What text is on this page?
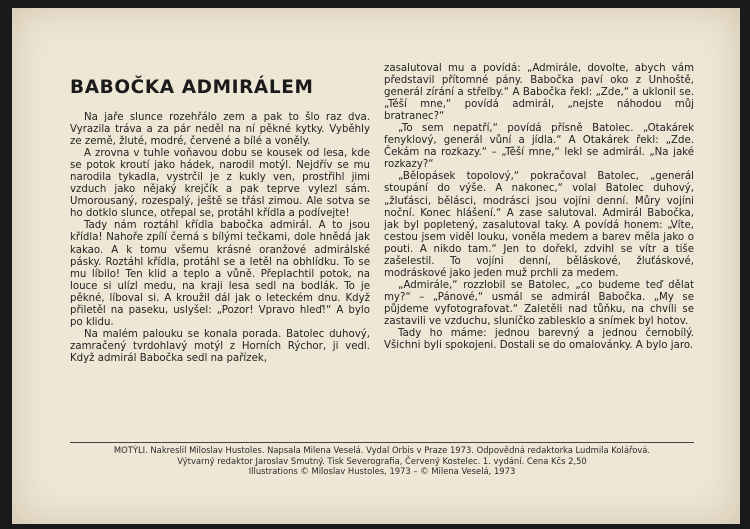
BABOČKA ADMIRÁLEM

Na jaře slunce rozehřálo zem a pak to šlo raz dva. Vyrazila tráva a za pár neděl na ní pěkné kytky. Vyběhly ze země, žluté, modré, červené a bílé a voněly.

A zrovna v tuhle voňavou dobu se kousek od lesa, kde se potok kroutí jako hádek, narodil motýl. Nejdřív se mu narodila tykadla, vystrčil je z kukly ven, prostřihl jimi vzduch jako nějaký krejčík a pak teprve vylezl sám. Umorousaný, rozespalý, ještě se třásl zimou. Ale sotva se ho dotklo slunce, otřepal se, protáhl křídla a podívejte!

Tady nám roztáhl křídla babočka admirál. A to jsou křídla! Nahoře zpílí černá s bílými tečkami, dole hnědá jak kakao. A k tomu všemu krásné oranžové admirálské pásky. Roztáhl křídla, protáhl se a letěl na obhlídku. To se mu líbilo! Ten klid a teplo a vůně. Přeplachtil potok, na louce si ulízl medu, na kraji lesa sedl na bodlák. To je pěkné, líboval si. A kroužil dál jak o leteckém dnu. Když přiletěl na paseku, uslyšel: „Pozor! Vpravo hleď!“ A bylo po klidu.

Na malém palouku se konala porada. Batolec duhový, zamračený tvrdohlavý motýl z Horních Rýchor, ji vedl. Když admirál Babočka sedl na pařízek,

zasalutoval mu a povídá: „Admirále, dovolte, abych vám představil přítomné pány. Babočka paví oko z Unhoště, generál zírání a střelby.“ A Babočka řekl: „Zde,“ a uklonil se. „Těší mne,“ povídá admirál, „nejste náhodou můj bratranec?“

„To sem nepatří,“ povídá přísně Batolec. „Otakárek fenyklový, generál vůní a jídla.“ A Otakárek řekl: „Zde. Čekám na rozkazy.“ – „Těší mne,“ lekl se admirál. „Na jaké rozkazy?“

„Bělopásek topolový,“ pokračoval Batolec, „generál stoupání do výše. A nakonec,“ volal Batolec duhový, „žluťásci, bělásci, modrásci jsou vojíni denní. Můry vojíni noční. Konec hlášení.“ A zase salutoval. Admirál Babočka, jak byl popletený, zasalutoval taky. A povídá honem: „Víte, cestou jsem viděl louku, voněla medem a barev měla jako o pouti. A nikdo tam.“ Jen to dořekl, zdvihl se vítr a tiše zašelestil. To vojíni denní, běláskové, žluťáskové, modráskové jako jeden muž prchli za medem.

„Admirále,“ rozzlobil se Batolec, „co budeme teď dělat my?“ – „Pánové,“ usmál se admirál Babočka. „My se půjdeme vyfotografovat.“ Zaletěli nad tůňku, na chvíli se zastavili ve vzduchu, sluníčko zablesklo a snímek byl hotov.

Tady ho máme: jednou barevný a jednou černobílý. Všichni byli spokojeni. Dostali se do omalovánky. A bylo jaro.

MOTÝLI. Nakreslil Miloslav Hustoles. Napsala Milena Veselá. Vydal Orbis v Praze 1973. Odpovědná redaktorka Ludmila Kolářová.
Výtvarný redaktor Jaroslav Smutný. Tisk Severografia, Červený Kostelec. 1. vydání. Cena Kčs 2,50
Illustrations © Miloslav Hustoles, 1973 – © Milena Veselá, 1973
